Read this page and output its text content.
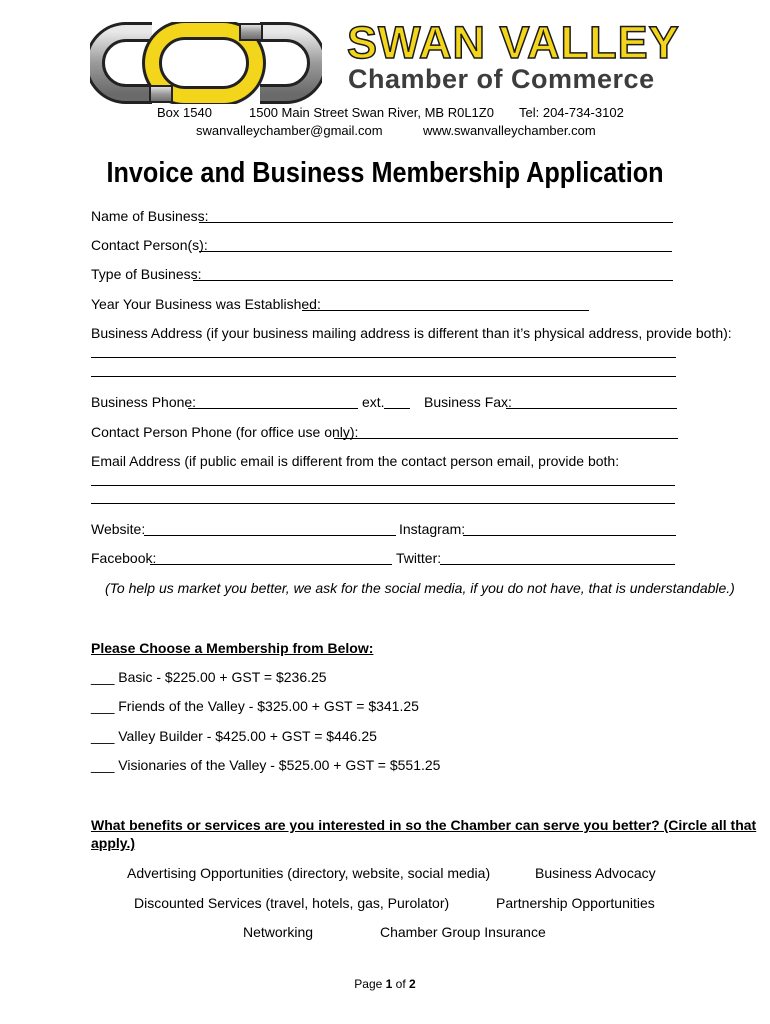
SWAN VALLEY
Chamber of Commerce
Box 1540	1500 Main Street Swan River, MB R0L1Z0 Tel: 204-734-3102
swanvalleychamber@gmail.com	www.swanvalleychamber.com
Invoice and Business Membership Application
Name of Business:
Contact Person(s):
Type of Business:
Year Your Business was Established:
Business Address (if your business mailing address is different than it’s physical address, provide both):
Business Phone:	ext.	Business Fax:
Contact Person Phone (for office use only):
Email Address (if public email is different from the contact person email, provide both:
Website:	Instagram:
Facebook:	Twitter:
(To help us market you better, we ask for the social media, if you do not have, that is understandable.)
Please Choose a Membership from Below:
___ Basic - $225.00 + GST = $236.25
___ Friends of the Valley - $325.00 + GST = $341.25
___ Valley Builder - $425.00 + GST = $446.25
___ Visionaries of the Valley - $525.00 + GST = $551.25
What benefits or services are you interested in so the Chamber can serve you better? (Circle all that
apply.)
Advertising Opportunities (directory, website, social media)	Business Advocacy
Discounted Services (travel, hotels, gas, Purolator)	Partnership Opportunities
Networking	Chamber Group Insurance
Page 1 of 2
